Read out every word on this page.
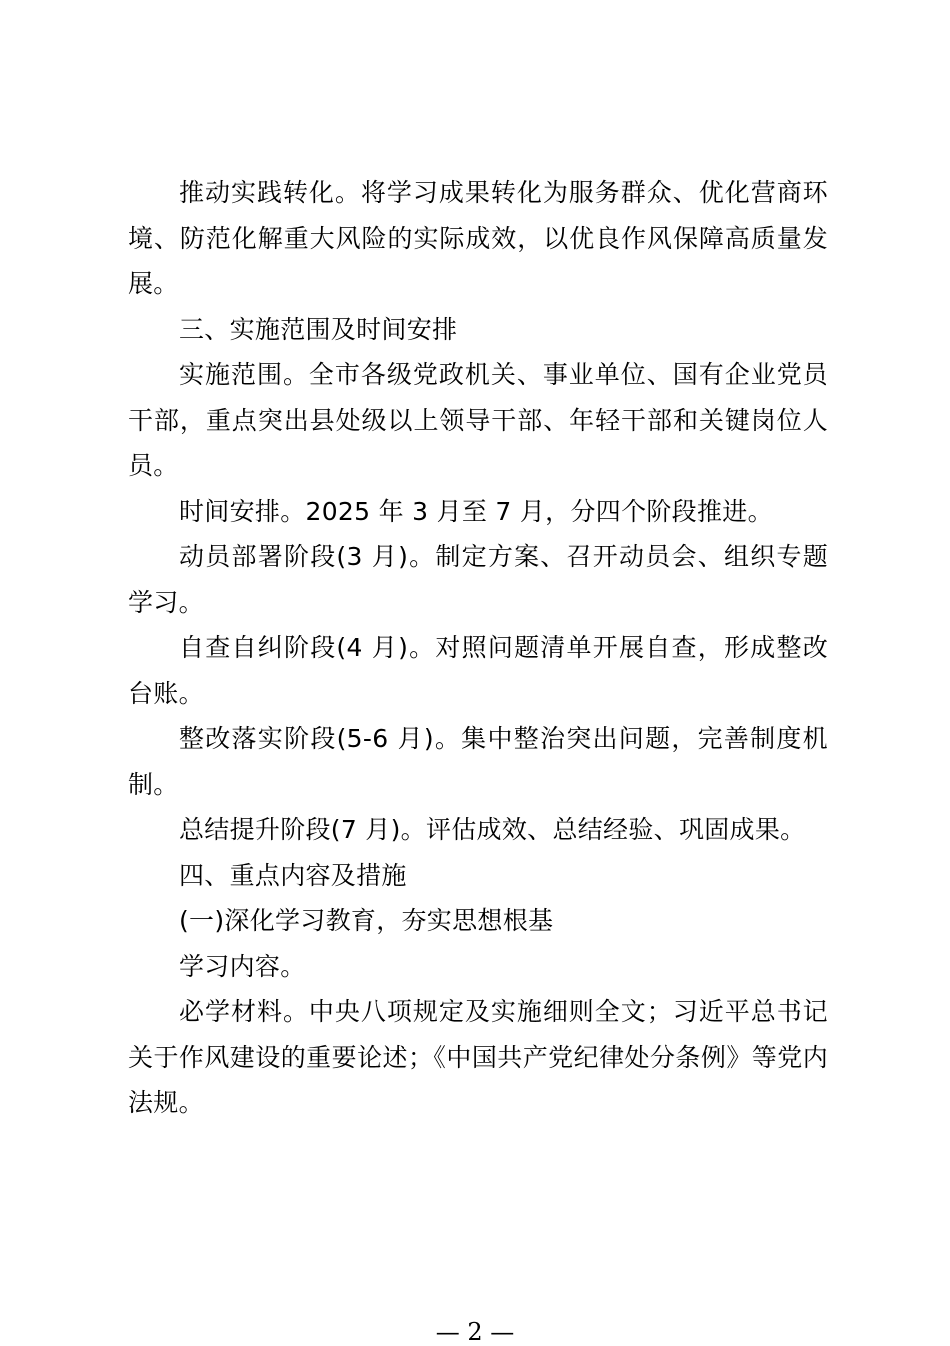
推动实践转化。将学习成果转化为服务群众、优化营商环境、防范化解重大风险的实际成效，以优良作风保障高质量发展。

三、实施范围及时间安排

实施范围。全市各级党政机关、事业单位、国有企业党员干部，重点突出县处级以上领导干部、年轻干部和关键岗位人员。

时间安排。2025 年 3 月至 7 月，分四个阶段推进。

动员部署阶段(3 月)。制定方案、召开动员会、组织专题学习。

自查自纠阶段(4 月)。对照问题清单开展自查，形成整改台账。

整改落实阶段(5-6 月)。集中整治突出问题，完善制度机制。

总结提升阶段(7 月)。评估成效、总结经验、巩固成果。

四、重点内容及措施

(一)深化学习教育，夯实思想根基

学习内容。

必学材料。中央八项规定及实施细则全文；习近平总书记关于作风建设的重要论述；《中国共产党纪律处分条例》等党内法规。

— 2 —
